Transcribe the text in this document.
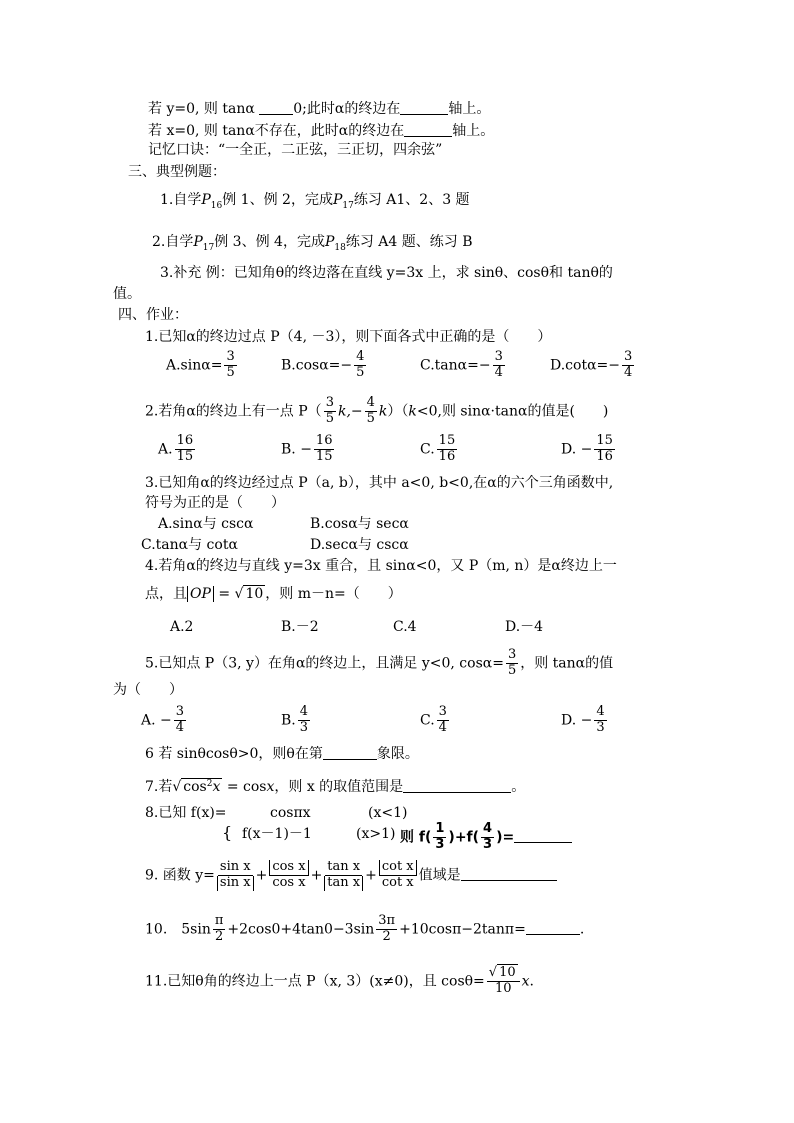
若 y=0, 则 tanα 0;此时α的终边在	轴上。
若 x=0, 则 tanα不存在，此时α的终边在	轴上。
记忆口诀：“一全正，二正弦，三正切，四余弦”
三、典型例题：
1.自学$P_{16}$例 1、例 2，完成$P_{17}$练习 A1、2、3 题
2.自学$P_{17}$例 3、例 4，完成$P_{18}$练习 A4 题、练习 B
3.补充 例：已知角θ的终边落在直线 y=3x 上，求 sinθ、cosθ和 tanθ的
值。
四、作业：
1.已知α的终边过点 P（4, －3），则下面各式中正确的是（　　）
$A.\sin\alpha= \frac{3}{5}$	$B.\cos\alpha=- \frac{4}{5}$	$C.\tan\alpha=- \frac{3}{4}$	$D.\cot\alpha=- \frac{3}{4}$
2.若角α的终边上有一点 $P( \frac{3}{5} k,- \frac{4}{5} k)(k<0$,则 sinα·tanα的值是(　　)
A. $\frac{16}{15}$	B. − $\frac{16}{15}$	C. $\frac{15}{16}$	D. − $\frac{15}{16}$
3.已知角α的终边经过点 P（a, b），其中 a<0, b<0,在α的六个三角函数中,
符号为正的是（　　）
A.sinα与 cscα	B.cosα与 secα
C.tanα与 cotα	D.secα与 cscα
4.若角α的终边与直线 y=3x 重合，且 sinα<0，又 P（m, n）是α终边上一
点，且 OP = √ 10 ，则 m－n=（　　）
A.2	B.－2	C.4	D.－4
5.已知点 P（3, y）在角α的终边上，且满足 y<0, $\cos\alpha= \frac{3}{5}$ ，则 tanα的值
为（　　）
A. − $\frac{3}{4}$	B. $\frac{4}{3}$	C. $\frac{3}{4}$	D. − $\frac{4}{3}$
6 若 sinθcosθ>0，则θ在第	象限。
7.若√ $\cos^2x = \cos x$，则 x 的取值范围是	。
8.已知 f(x)=	cosπx	(x<1)
{ f(x－1)－1	(x>1) 则 $f( \frac{1}{3} )+f( \frac{4}{3}$ )=
9. 函数 $y= \frac{\text{sin x}}{\text{sin x}} + \frac{\text{cos x}}{\text{cos x}} + \frac{\text{tan x}}{\text{tan x}} + \frac{\text{cot x}}{\text{cot x}}$ 值域是
10.　$5\sin \frac{\pi}{2} +2\cos 0+4\tan 0-3\sin \frac{3\pi}{2} +10\cos\pi-2\tan\pi=$	.
11.已知θ角的终边上一点 P（x, 3）(x≠0)，且 $\cos\theta= \frac{√ 10}{10} x$.
